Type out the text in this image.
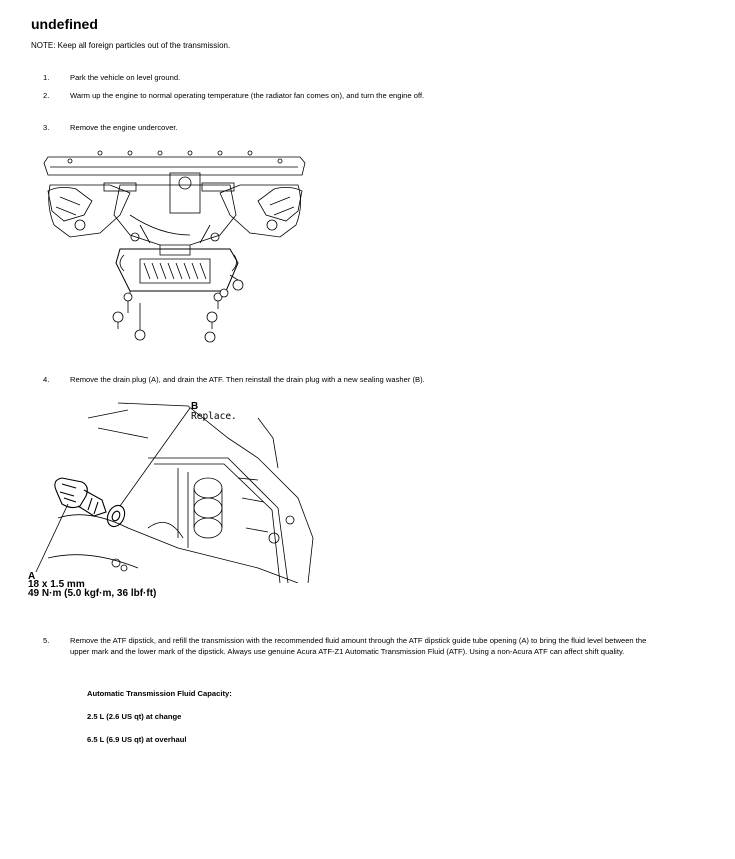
undefined
NOTE: Keep all foreign particles out of the transmission.
1.	Park the vehicle on level ground.
2.	Warm up the engine to normal operating temperature (the radiator fan comes on), and turn the engine off.
3.	Remove the engine undercover.
4.	Remove the drain plug (A), and drain the ATF. Then reinstall the drain plug with a new sealing washer (B).
B
Replace.
A
18 x 1.5 mm
49 N·m (5.0 kgf·m, 36 lbf·ft)
5.	Remove the ATF dipstick, and refill the transmission with the recommended fluid amount through the ATF dipstick guide tube opening (A) to bring the fluid level between the
upper mark and the lower mark of the dipstick. Always use genuine Acura ATF-Z1 Automatic Transmission Fluid (ATF). Using a non-Acura ATF can affect shift quality.
Automatic Transmission Fluid Capacity:
2.5 L (2.6 US qt) at change
6.5 L (6.9 US qt) at overhaul
